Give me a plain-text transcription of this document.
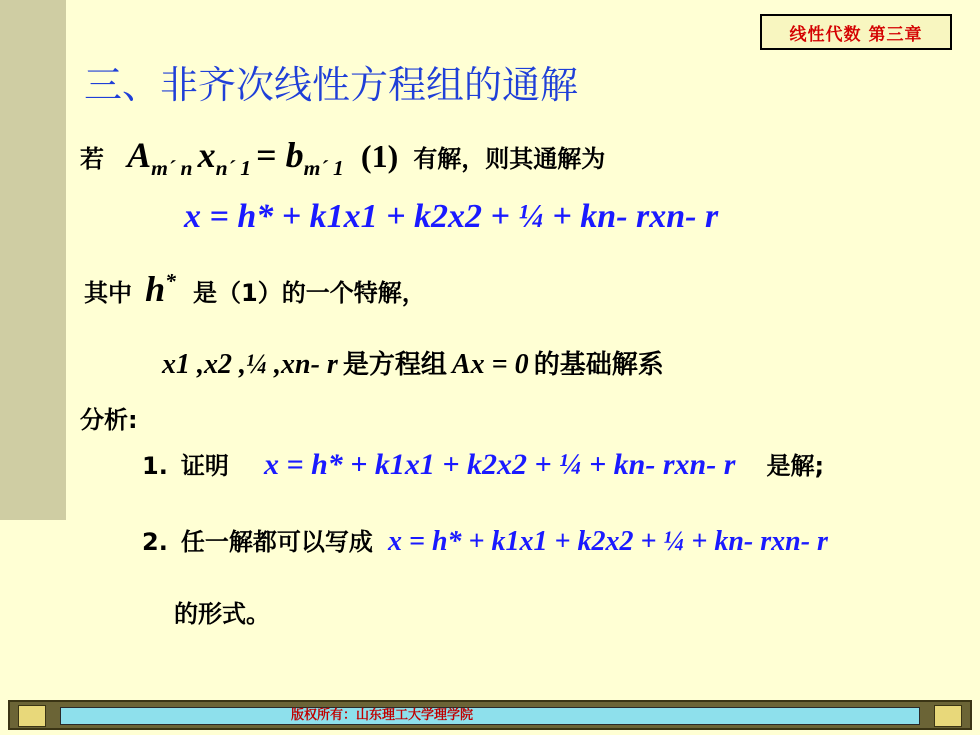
线性代数 第三章
三、非齐次线性方程组的通解
若 $A_{m´ n}$ $x_{n´ 1} = b_{m´ 1}$ (1) 有解，则其通解为
x = h* + k1x1 + k2x2 + ¼ + kn- rxn- r
其中 h* 是（1）的一个特解，
x1 ,x2 ,¼ ,xn- r 是方程组 Ax = 0 的基础解系
分析:
1. 证明 x = h* + k1x1 + k2x2 + ¼ + kn- rxn- r 是解;
2. 任一解都可以写成 x = h* + k1x1 + k2x2 + ¼ + kn- rxn- r
的形式。
版权所有：山东理工大学理学院
